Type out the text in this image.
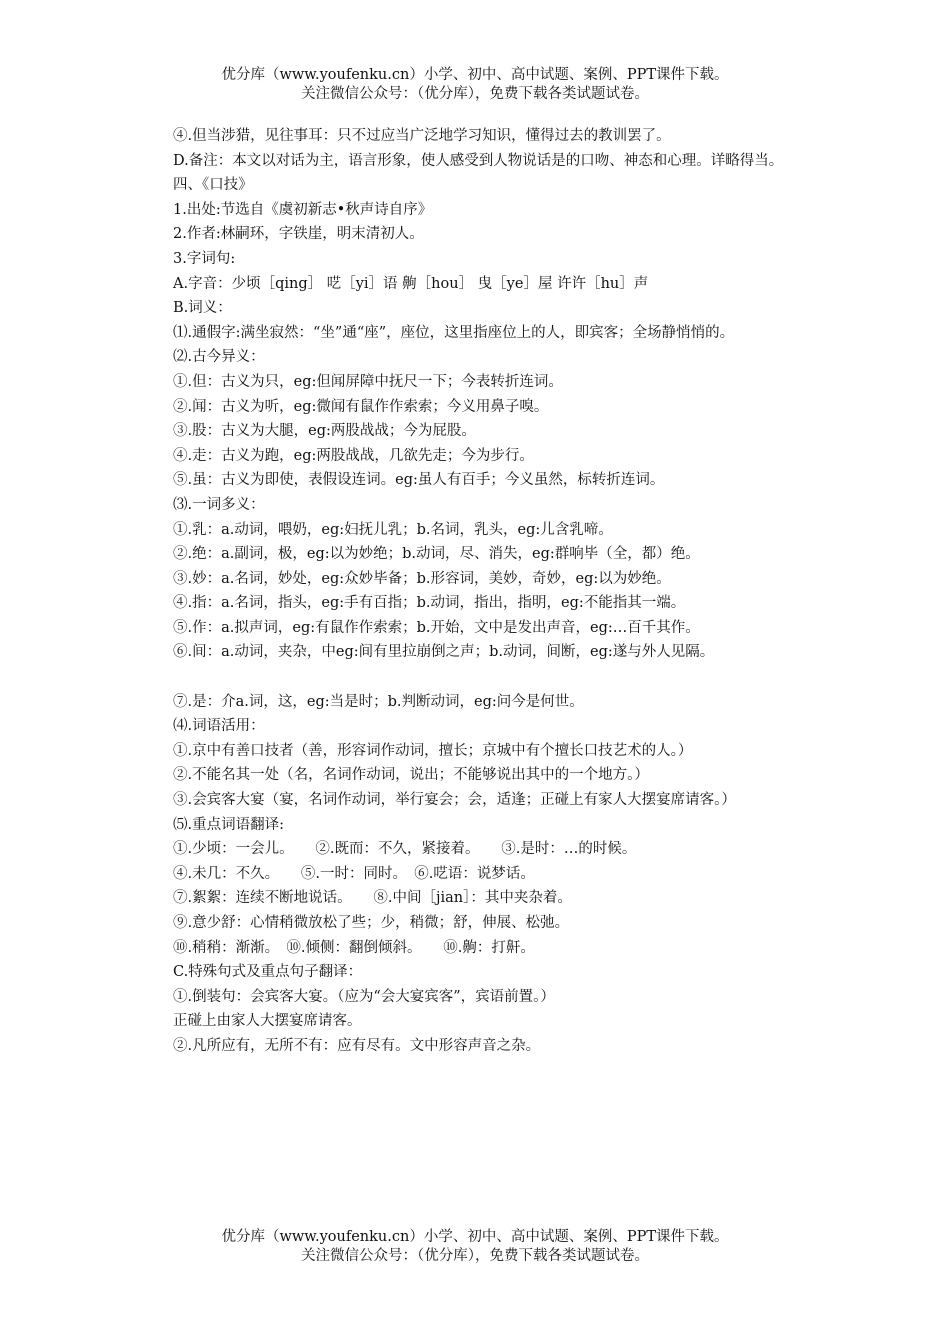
优分库（www.youfenku.cn）小学、初中、高中试题、案例、PPT课件下载。
关注微信公众号：（优分库），免费下载各类试题试卷。

④.但当涉猎，见往事耳：只不过应当广泛地学习知识，懂得过去的教训罢了。

D.备注：本文以对话为主，语言形象，使人感受到人物说话是的口吻、神态和心理。详略得当。

四、《口技》

1.出处:节选自《虞初新志•秋声诗自序》

2.作者:林嗣环，字铁崖，明末清初人。

3.字词句:

A.字音：少顷［qing］ 呓［yi］语 齁［hou］ 曳［ye］屋 许许［hu］声

B.词义：

⑴.通假字:满坐寂然：“坐”通“座”，座位，这里指座位上的人，即宾客；全场静悄悄的。

⑵.古今异义：

①.但：古义为只，eg:但闻屏障中抚尺一下；今表转折连词。

②.闻：古义为听，eg:微闻有鼠作作索索；今义用鼻子嗅。

③.股：古义为大腿，eg:两股战战；今为屁股。

④.走：古义为跑，eg:两股战战，几欲先走；今为步行。

⑤.虽：古义为即使，表假设连词。eg:虽人有百手；今义虽然，标转折连词。

⑶.一词多义：

①.乳：a.动词，喂奶，eg:妇抚儿乳；b.名词，乳头，eg:儿含乳啼。

②.绝：a.副词，极，eg:以为妙绝；b.动词，尽、消失，eg:群响毕（全，都）绝。

③.妙：a.名词，妙处，eg:众妙毕备；b.形容词，美妙，奇妙，eg:以为妙绝。

④.指：a.名词，指头，eg:手有百指；b.动词，指出，指明，eg:不能指其一端。

⑤.作：a.拟声词，eg:有鼠作作索索；b.开始，文中是发出声音，eg:…百千其作。

⑥.间：a.动词，夹杂，中eg:间有里拉崩倒之声；b.动词，间断，eg:遂与外人见隔。

⑦.是：介a.词，这，eg:当是时；b.判断动词，eg:问今是何世。

⑷.词语活用：

①.京中有善口技者（善，形容词作动词，擅长；京城中有个擅长口技艺术的人。）

②.不能名其一处（名，名词作动词，说出；不能够说出其中的一个地方。）

③.会宾客大宴（宴，名词作动词，举行宴会；会，适逢；正碰上有家人大摆宴席请客。）

⑸.重点词语翻译:

①.少顷：一会儿。　　②.既而：不久，紧接着。　　③.是时：…的时候。

④.未几：不久。　　⑤.一时：同时。　⑥.呓语：说梦话。

⑦.絮絮：连续不断地说话。　　⑧.中间［jian］：其中夹杂着。

⑨.意少舒：心情稍微放松了些；少，稍微；舒，伸展、松弛。

⑩.稍稍：渐渐。　⑩.倾侧：翻倒倾斜。　　⑩.齁：打鼾。

C.特殊句式及重点句子翻译：

①.倒装句：会宾客大宴。（应为“会大宴宾客”，宾语前置。）

正碰上由家人大摆宴席请客。

②.凡所应有，无所不有：应有尽有。文中形容声音之杂。

优分库（www.youfenku.cn）小学、初中、高中试题、案例、PPT课件下载。
关注微信公众号：（优分库），免费下载各类试题试卷。
